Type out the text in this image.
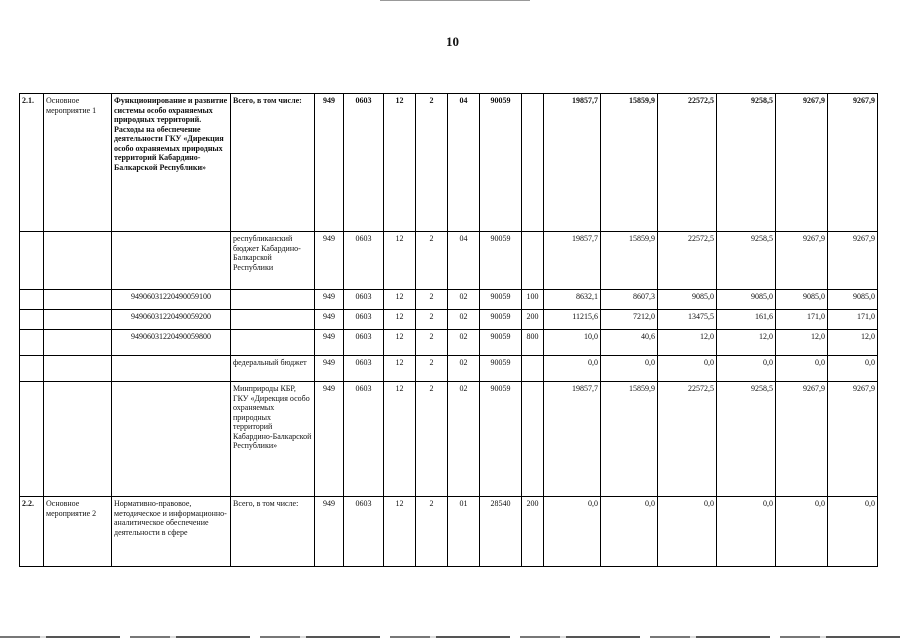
10
2.1.	Основное мероприятие 1	Функционирование и развитие системы особо охраняемых природных территорий. Расходы на обеспечение деятельности ГКУ «Дирекция особо охраняемых природных территорий Кабардино-Балкарской Республики»	Всего, в том числе:	949	0603	12	2	04	90059		19857,7	15859,9	22572,5	9258,5	9267,9	9267,9
			республиканский бюджет Кабардино-Балкарской Республики	949	0603	12	2	04	90059		19857,7	15859,9	22572,5	9258,5	9267,9	9267,9
		94906031220490059100		949	0603	12	2	02	90059	100	8632,1	8607,3	9085,0	9085,0	9085,0	9085,0
		94906031220490059200		949	0603	12	2	02	90059	200	11215,6	7212,0	13475,5	161,6	171,0	171,0
		94906031220490059800		949	0603	12	2	02	90059	800	10,0	40,6	12,0	12,0	12,0	12,0
			федеральный бюджет	949	0603	12	2	02	90059		0,0	0,0	0,0	0,0	0,0	0,0
			Минприроды КБР, ГКУ «Дирекция особо охраняемых природных территорий Кабардино-Балкарской Республики»	949	0603	12	2	02	90059		19857,7	15859,9	22572,5	9258,5	9267,9	9267,9
2.2.	Основное мероприятие 2	Нормативно-правовое, методическое и информационно-аналитическое обеспечение деятельности в сфере	Всего, в том числе:	949	0603	12	2	01	28540	200	0,0	0,0	0,0	0,0	0,0	0,0
